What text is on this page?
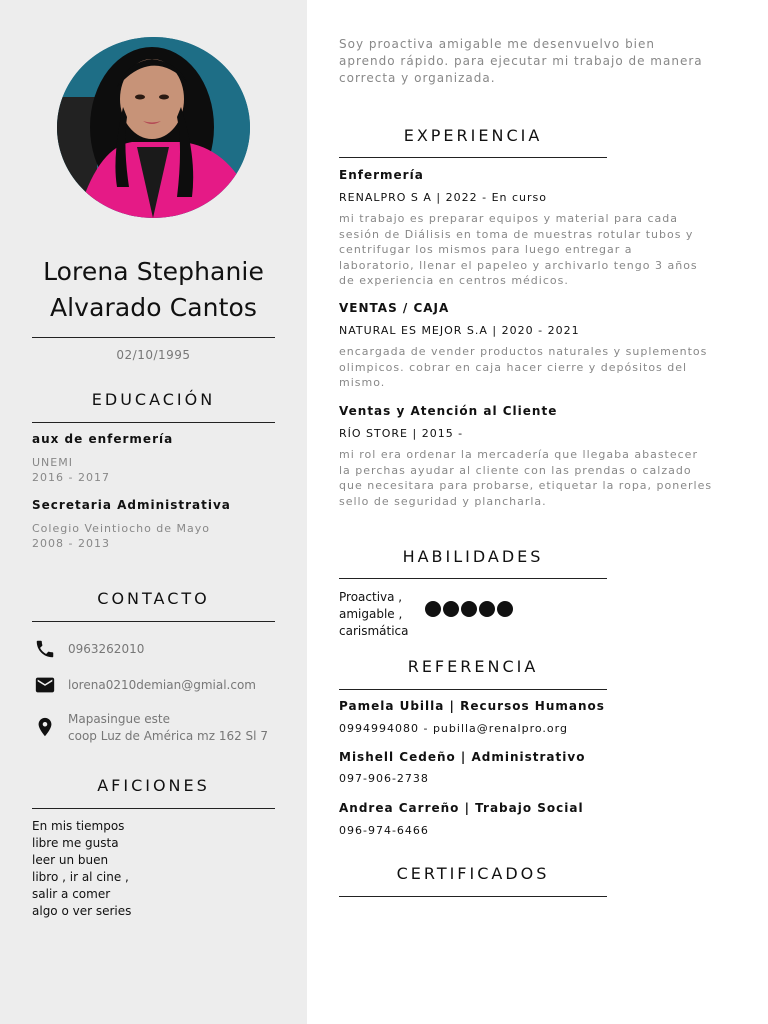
Lorena Stephanie
Alvarado Cantos
02/10/1995
EDUCACIÓN
aux de enfermería
UNEMI
2016 - 2017
Secretaria Administrativa
Colegio Veintiocho de Mayo
2008 - 2013
CONTACTO
0963262010
lorena0210demian@gmial.com
Mapasingue este
coop Luz de América mz 162 Sl 7
AFICIONES
En mis tiempos
libre me gusta
leer un buen
libro , ir al cine ,
salir a comer
algo o ver series
Soy proactiva amigable me desenvuelvo bien
aprendo rápido. para ejecutar mi trabajo de manera
correcta y organizada.
EXPERIENCIA
Enfermería
RENALPRO S A | 2022 - En curso
mi trabajo es preparar equipos y material para cada
sesión de Diálisis en toma de muestras rotular tubos y
centrifugar los mismos para luego entregar a
laboratorio, llenar el papeleo y archivarlo tengo 3 años
de experiencia en centros médicos.
VENTAS / CAJA
NATURAL ES MEJOR S.A | 2020 - 2021
encargada de vender productos naturales y suplementos
olimpicos. cobrar en caja hacer cierre y depósitos del
mismo.
Ventas y Atención al Cliente
RÍO STORE | 2015 -
mi rol era ordenar la mercadería que llegaba abastecer
la perchas ayudar al cliente con las prendas o calzado
que necesitara para probarse, etiquetar la ropa, ponerles
sello de seguridad y plancharla.
HABILIDADES
Proactiva ,
amigable ,
carismática
REFERENCIA
Pamela Ubilla | Recursos Humanos
0994994080 - pubilla@renalpro.org
Mishell Cedeño | Administrativo
097-906-2738
Andrea Carreño | Trabajo Social
096-974-6466
CERTIFICADOS
